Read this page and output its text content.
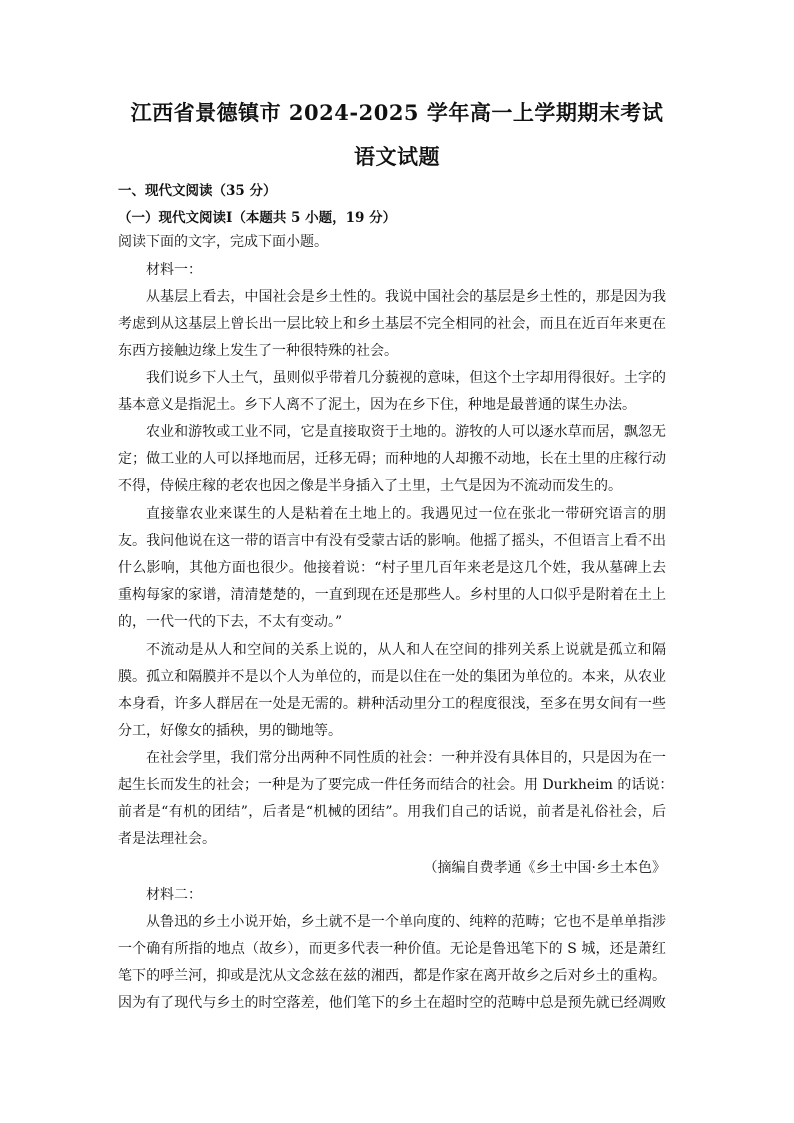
江西省景德镇市 2024-2025 学年高一上学期期末考试
语文试题
一、现代文阅读（35 分）
（一）现代文阅读Ⅰ（本题共 5 小题，19 分）
阅读下面的文字，完成下面小题。
材料一：
从基层上看去，中国社会是乡土性的。我说中国社会的基层是乡土性的，那是因为我
考虑到从这基层上曾长出一层比较上和乡土基层不完全相同的社会，而且在近百年来更在
东西方接触边缘上发生了一种很特殊的社会。
我们说乡下人土气，虽则似乎带着几分藐视的意味，但这个土字却用得很好。土字的
基本意义是指泥土。乡下人离不了泥土，因为在乡下住，种地是最普通的谋生办法。
农业和游牧或工业不同，它是直接取资于土地的。游牧的人可以逐水草而居，飘忽无
定；做工业的人可以择地而居，迁移无碍；而种地的人却搬不动地，长在土里的庄稼行动
不得，侍候庄稼的老农也因之像是半身插入了土里，土气是因为不流动而发生的。
直接靠农业来谋生的人是粘着在土地上的。我遇见过一位在张北一带研究语言的朋
友。我问他说在这一带的语言中有没有受蒙古话的影响。他摇了摇头，不但语言上看不出
什么影响，其他方面也很少。他接着说：“村子里几百年来老是这几个姓，我从墓碑上去
重构每家的家谱，清清楚楚的，一直到现在还是那些人。乡村里的人口似乎是附着在土上
的，一代一代的下去，不太有变动。”
不流动是从人和空间的关系上说的，从人和人在空间的排列关系上说就是孤立和隔
膜。孤立和隔膜并不是以个人为单位的，而是以住在一处的集团为单位的。本来，从农业
本身看，许多人群居在一处是无需的。耕种活动里分工的程度很浅，至多在男女间有一些
分工，好像女的插秧，男的锄地等。
在社会学里，我们常分出两种不同性质的社会：一种并没有具体目的，只是因为在一
起生长而发生的社会；一种是为了要完成一件任务而结合的社会。用 Durkheim 的话说：
前者是“有机的团结”，后者是“机械的团结”。用我们自己的话说，前者是礼俗社会，后
者是法理社会。
（摘编自费孝通《乡土中国·乡土本色》
材料二：
从鲁迅的乡土小说开始，乡土就不是一个单向度的、纯粹的范畴；它也不是单单指涉
一个确有所指的地点（故乡），而更多代表一种价值。无论是鲁迅笔下的 S 城，还是萧红
笔下的呼兰河，抑或是沈从文念兹在兹的湘西，都是作家在离开故乡之后对乡土的重构。
因为有了现代与乡土的时空落差，他们笔下的乡土在超时空的范畴中总是预先就已经凋败
